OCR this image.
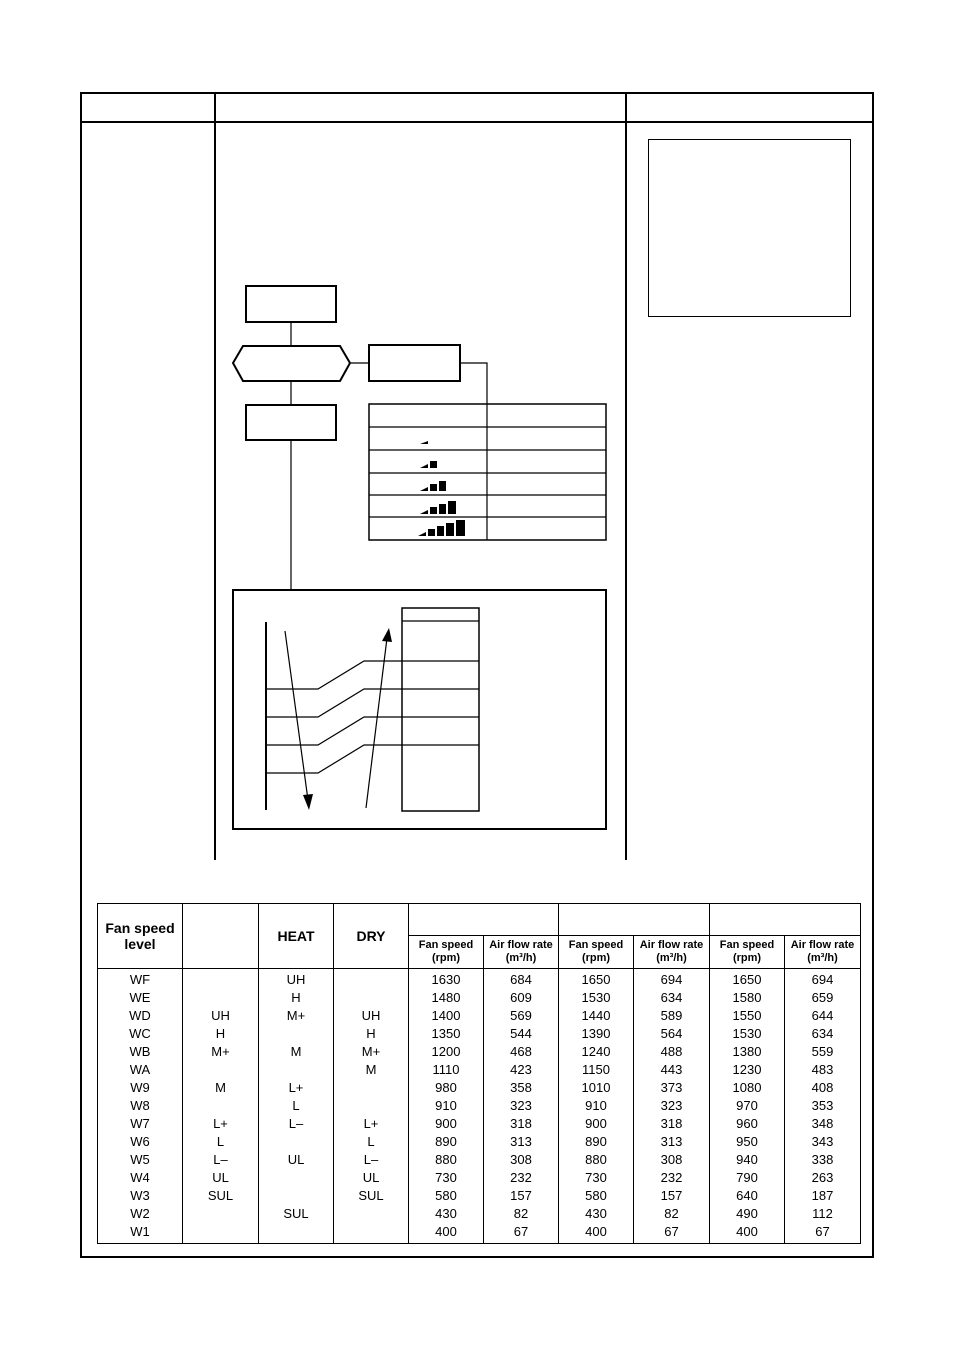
Fan speed level		HEAT	DRY						
				Fan speed (rpm)	Air flow rate (m³/h)	Fan speed (rpm)	Air flow rate (m³/h)	Fan speed (rpm)	Air flow rate (m³/h)
WF		UH		1630	684	1650	694	1650	694
WE		H		1480	609	1530	634	1580	659
WD	UH	M+	UH	1400	569	1440	589	1550	644
WC	H		H	1350	544	1390	564	1530	634
WB	M+	M	M+	1200	468	1240	488	1380	559
WA			M	1110	423	1150	443	1230	483
W9	M	L+		980	358	1010	373	1080	408
W8		L		910	323	910	323	970	353
W7	L+	L–	L+	900	318	900	318	960	348
W6	L		L	890	313	890	313	950	343
W5	L–	UL	L–	880	308	880	308	940	338
W4	UL		UL	730	232	730	232	790	263
W3	SUL		SUL	580	157	580	157	640	187
W2		SUL		430	82	430	82	490	112
W1				400	67	400	67	400	67
